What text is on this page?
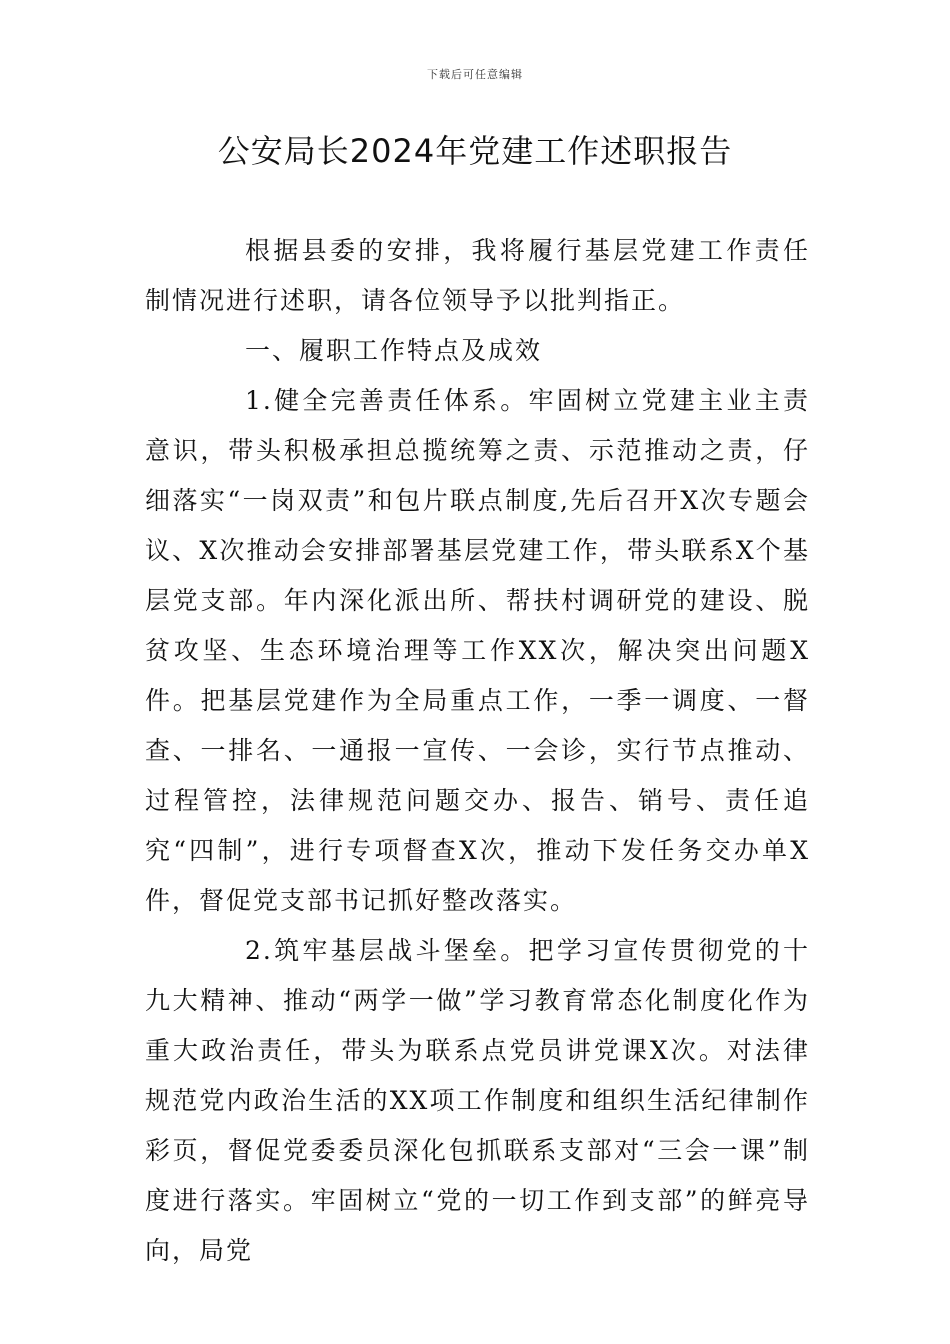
下载后可任意编辑
公安局长2024年党建工作述职报告

根据县委的安排，我将履行基层党建工作责任制情况进行述职，请各位领导予以批判指正。

一、履职工作特点及成效

1.健全完善责任体系。牢固树立党建主业主责意识，带头积极承担总揽统筹之责、示范推动之责，仔细落实“一岗双责”和包片联点制度,先后召开X次专题会议、X次推动会安排部署基层党建工作，带头联系X个基层党支部。年内深化派出所、帮扶村调研党的建设、脱贫攻坚、生态环境治理等工作XX次，解决突出问题X件。把基层党建作为全局重点工作，一季一调度、一督查、一排名、一通报一宣传、一会诊，实行节点推动、过程管控，法律规范问题交办、报告、销号、责任追究“四制”，进行专项督查X次，推动下发任务交办单X件，督促党支部书记抓好整改落实。

2.筑牢基层战斗堡垒。把学习宣传贯彻党的十九大精神、推动“两学一做”学习教育常态化制度化作为重大政治责任，带头为联系点党员讲党课X次。对法律规范党内政治生活的XX项工作制度和组织生活纪律制作彩页，督促党委委员深化包抓联系支部对“三会一课”制度进行落实。牢固树立“党的一切工作到支部”的鲜亮导向，局党
